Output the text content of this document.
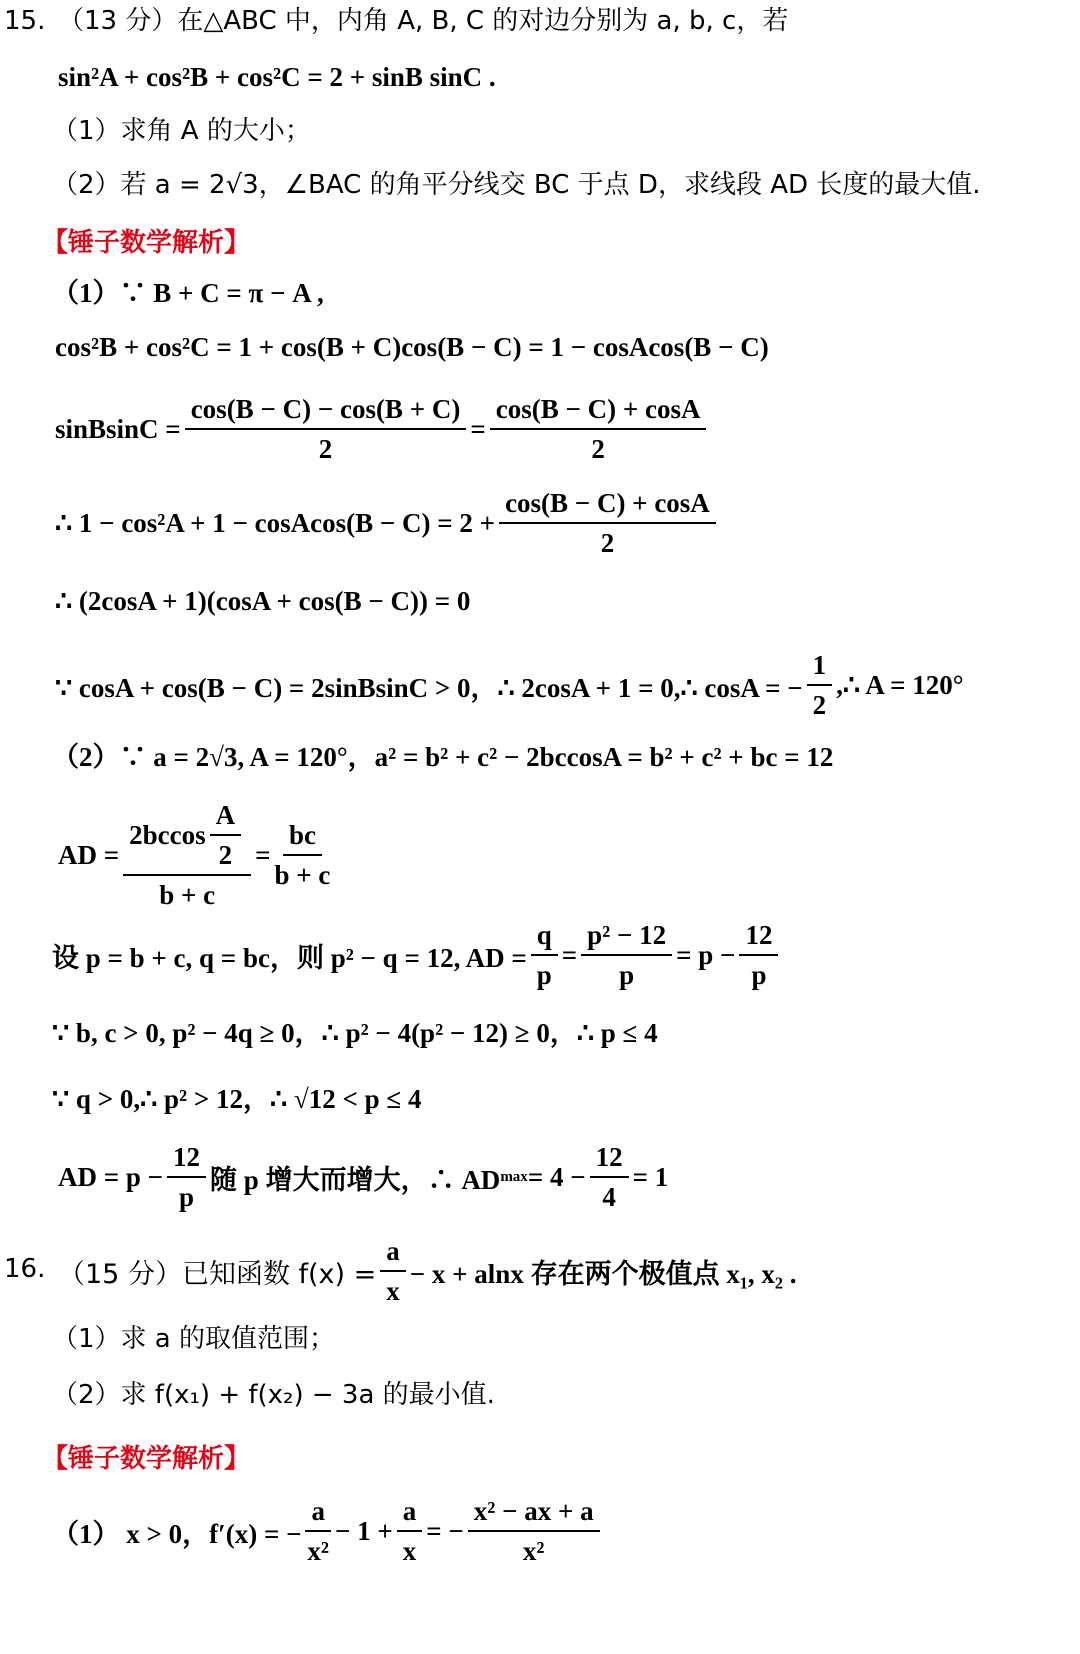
15. （13 分）在△ABC 中，内角 A, B, C 的对边分别为 a, b, c，若
sin²A + cos²B + cos²C = 2 + sinB sinC .
（1）求角 A 的大小；
（2）若 a = 2√3，∠BAC 的角平分线交 BC 于点 D，求线段 AD 长度的最大值.
【锤子数学解析】
（1）∵ B + C = π − A ,
cos²B + cos²C = 1 + cos(B + C)cos(B − C) = 1 − cosAcos(B − C)
sinBsinC = $\frac{\cos(B - C) - \cos(B + C)}{2} = \frac{\cos(B - C) + \cos A}{2}$
∴ 1 − cos²A + 1 − cosAcos(B − $C) = 2 + \frac{\cos(B - C) + \cos A}{2}$
∴ (2cosA + 1)(cosA + cos(B − C)) = 0
∵ cosA + cos(B − C) = 2sinBsinC > 0，∴ 2cosA + 1 = 0,∴ cosA = − $\frac{1}{2}$ ,∴ A = 120°
（2）∵ a = 2√3, A = 120°，a² = b² + c² − 2bccosA = b² + c² + bc = 12
AD = $\frac{2bccos \frac{A}{2}}{b + c} = \frac{bc}{b + c}$
设 p = b + c, q = bc，则 p² − q = 12, AD = $\frac{q}{p} = \frac{\text{p² − 12}}{p} = p - \frac{12}{p}$
∵ b, c > 0, p² − 4q ≥ 0，∴ p² − 4(p² − 12) ≥ 0，∴ p ≤ 4
∵ q > 0,∴ p² > 12，∴ √12 < p ≤ 4
AD = $p - \frac{12}{p}$ 随 p 增大而增大，∴ AD $\max = 4 - \frac{12}{4} = 1$
16. （15 分）已知函数 $f(x) = \frac{a}{x} - x + alnx$ 存在两个极值点 x₁, x₂ .
（1）求 a 的取值范围；
（2）求 f(x₁) + f(x₂) − 3a 的最小值.
【锤子数学解析】
（1） x > 0，f′(x) = − $\frac{a}{\text{x²}} - 1 + \frac{a}{x}$ = − $\frac{\text{x² − ax + a}}{\text{x²}}$
